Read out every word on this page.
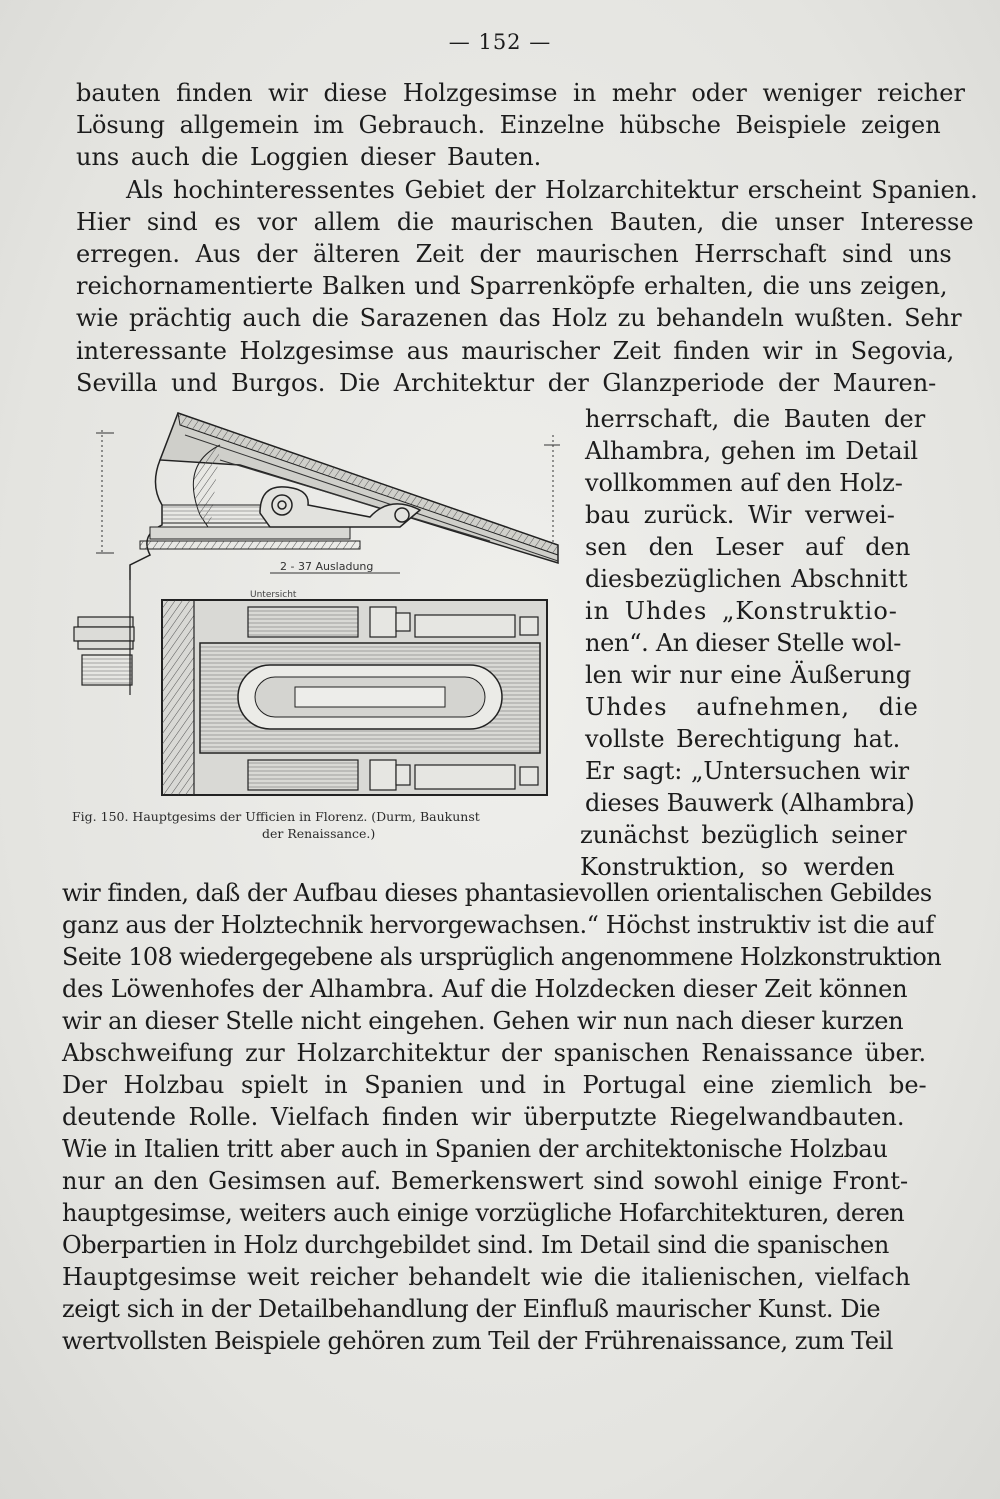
— 152 —
bauten finden wir diese Holzgesimse in mehr oder weniger reicher
Lösung allgemein im Gebrauch. Einzelne hübsche Beispiele zeigen
uns auch die Loggien dieser Bauten.
Als hochinteressentes Gebiet der Holzarchitektur erscheint Spanien.
Hier sind es vor allem die maurischen Bauten, die unser Interesse
erregen. Aus der älteren Zeit der maurischen Herrschaft sind uns
reichornamentierte Balken und Sparrenköpfe erhalten, die uns zeigen,
wie prächtig auch die Sarazenen das Holz zu behandeln wußten. Sehr
interessante Holzgesimse aus maurischer Zeit finden wir in Segovia,
Sevilla und Burgos. Die Architektur der Glanzperiode der Mauren-
2 - 37 Ausladung
Untersicht
Fig. 150. Hauptgesims der Ufficien in Florenz. (Durm, Baukunst
der Renaissance.)
herrschaft, die Bauten der
Alhambra, gehen im Detail
vollkommen auf den Holz-
bau zurück. Wir verwei-
sen den Leser auf den
diesbezüglichen Abschnitt
in Uhdes „Konstruktio-
nen“. An dieser Stelle wol-
len wir nur eine Äußerung
Uhdes aufnehmen, die
vollste Berechtigung hat.
Er sagt: „Untersuchen wir
dieses Bauwerk (Alhambra)
zunächst bezüglich seiner
Konstruktion, so werden
wir finden, daß der Aufbau dieses phantasievollen orientalischen Gebildes
ganz aus der Holztechnik hervorgewachsen.“ Höchst instruktiv ist die auf
Seite 108 wiedergegebene als ursprüglich angenommene Holzkonstruktion
des Löwenhofes der Alhambra. Auf die Holzdecken dieser Zeit können
wir an dieser Stelle nicht eingehen. Gehen wir nun nach dieser kurzen
Abschweifung zur Holzarchitektur der spanischen Renaissance über.
Der Holzbau spielt in Spanien und in Portugal eine ziemlich be-
deutende Rolle. Vielfach finden wir überputzte Riegelwandbauten.
Wie in Italien tritt aber auch in Spanien der architektonische Holzbau
nur an den Gesimsen auf. Bemerkenswert sind sowohl einige Front-
hauptgesimse, weiters auch einige vorzügliche Hofarchitekturen, deren
Oberpartien in Holz durchgebildet sind. Im Detail sind die spanischen
Hauptgesimse weit reicher behandelt wie die italienischen, vielfach
zeigt sich in der Detailbehandlung der Einfluß maurischer Kunst. Die
wertvollsten Beispiele gehören zum Teil der Frührenaissance, zum Teil
